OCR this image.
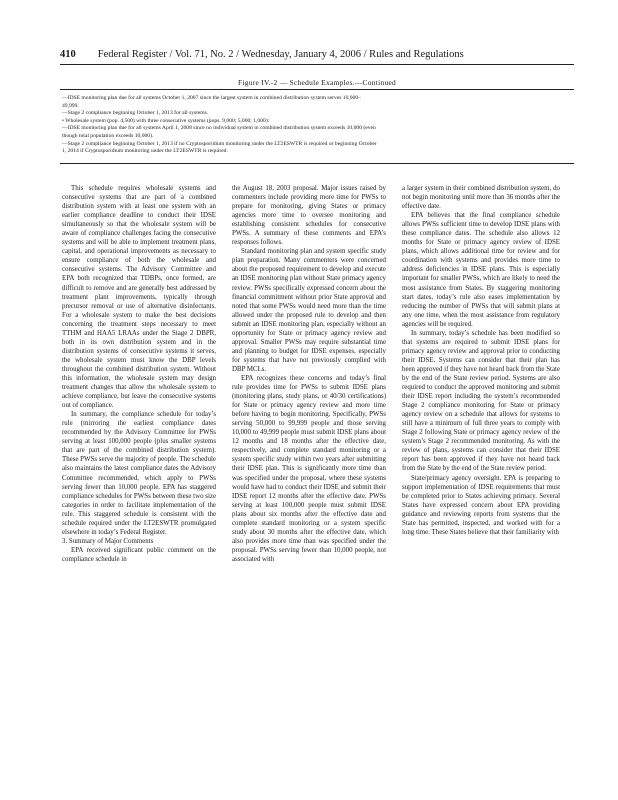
410 Federal Register / Vol. 71, No. 2 / Wednesday, January 4, 2006 / Rules and Regulations
Figure IV.-2 — Schedule Examples.—Continued
—IDSE monitoring plan due for all systems October 1, 2007 since the largest system in combined distribution system serves 10,000–
49,999.
—Stage 2 compliance beginning October 1, 2013 for all systems.
• Wholesale system (pop. 4,500) with three consecutive systems (pops. 9,000; 5,000; 1,000):
—IDSE monitoring plan due for all systems April 1, 2008 since no individual system in combined distribution system exceeds 10,000 (even
though total population exceeds 10,000).
—Stage 2 compliance beginning October 1, 2013 if no Cryptosporidium monitoring under the LT2ESWTR is required or beginning October
1, 2014 if Cryptosporidium monitoring under the LT2ESWTR is required.

This schedule requires wholesale systems and consecutive systems that are part of a combined distribution system with at least one system with an earlier compliance deadline to conduct their IDSE simultaneously so that the wholesale system will be aware of compliance challenges facing the consecutive systems and will be able to implement treatment plans, capital, and operational improvements as necessary to ensure compliance of both the wholesale and consecutive systems. The Advisory Committee and EPA both recognized that TDBPs, once formed, are difficult to remove and are generally best addressed by treatment plant improvements, typically through precursor removal or use of alternative disinfectants. For a wholesale system to make the best decisions concerning the treatment steps necessary to meet TTHM and HAA5 LRAAs under the Stage 2 DBPR, both in its own distribution system and in the distribution systems of consecutive systems it serves, the wholesale system must know the DBP levels throughout the combined distribution system. Without this information, the wholesale system may design treatment changes that allow the wholesale system to achieve compliance, but leave the consecutive systems out of compliance.

In summary, the compliance schedule for today’s rule (mirroring the earliest compliance dates recommended by the Advisory Committee for PWSs serving at least 100,000 people (plus smaller systems that are part of the combined distribution system). These PWSs serve the majority of people. The schedule also maintains the latest compliance dates the Advisory Committee recommended, which apply to PWSs serving fewer than 10,000 people. EPA has staggered compliance schedules for PWSs between these two size categories in order to facilitate implementation of the rule. This staggered schedule is consistent with the schedule required under the LT2ESWTR promulgated elsewhere in today’s Federal Register.

3. Summary of Major Comments

EPA received significant public comment on the compliance schedule in

the August 18, 2003 proposal. Major issues raised by commenters include providing more time for PWSs to prepare for monitoring, giving States or primacy agencies more time to oversee monitoring and establishing consistent schedules for consecutive PWSs. A summary of these comments and EPA’s responses follows.

Standard monitoring plan and system specific study plan preparation. Many commenters were concerned about the proposed requirement to develop and execute an IDSE monitoring plan without State primacy agency review. PWSs specifically expressed concern about the financial commitment without prior State approval and noted that some PWSs would need more than the time allowed under the proposed rule to develop and then submit an IDSE monitoring plan, especially without an opportunity for State or primacy agency review and approval. Smaller PWSs may require substantial time and planning to budget for IDSE expenses, especially for systems that have not previously complied with DBP MCLs.

EPA recognizes these concerns and today’s final rule provides time for PWSs to submit IDSE plans (monitoring plans, study plans, or 40/30 certifications) for State or primacy agency review and more time before having to begin monitoring. Specifically, PWSs serving 50,000 to 99,999 people and those serving 10,000 to 49,999 people must submit IDSE plans about 12 months and 18 months after the effective date, respectively, and complete standard monitoring or a system specific study within two years after submitting their IDSE plan. This is significantly more time than was specified under the proposal, where these systems would have had to conduct their IDSE and submit their IDSE report 12 months after the effective date. PWSs serving at least 100,000 people must submit IDSE plans about six months after the effective date and complete standard monitoring or a system specific study about 30 months after the effective date, which also provides more time than was specified under the proposal. PWSs serving fewer than 10,000 people, not associated with

a larger system in their combined distribution system, do not begin monitoring until more than 36 months after the effective date.

EPA believes that the final compliance schedule allows PWSs sufficient time to develop IDSE plans with these compliance dates. The schedule also allows 12 months for State or primacy agency review of IDSE plans, which allows additional time for review and for coordination with systems and provides more time to address deficiencies in IDSE plans. This is especially important for smaller PWSs, which are likely to need the most assistance from States. By staggering monitoring start dates, today’s rule also eases implementation by reducing the number of PWSs that will submit plans at any one time, when the most assistance from regulatory agencies will be required.

In summary, today’s schedule has been modified so that systems are required to submit IDSE plans for primacy agency review and approval prior to conducting their IDSE. Systems can consider that their plan has been approved if they have not heard back from the State by the end of the State review period. Systems are also required to conduct the approved monitoring and submit their IDSE report including the system’s recommended Stage 2 compliance monitoring for State or primacy agency review on a schedule that allows for systems to still have a minimum of full three years to comply with Stage 2 following State or primacy agency review of the system’s Stage 2 recommended monitoring. As with the review of plans, systems can consider that their IDSE report has been approved if they have not heard back from the State by the end of the State review period.

State/primacy agency oversight. EPA is preparing to support implementation of IDSE requirements that must be completed prior to States achieving primacy. Several States have expressed concern about EPA providing guidance and reviewing reports from systems that the State has permitted, inspected, and worked with for a long time. These States believe that their familiarity with
